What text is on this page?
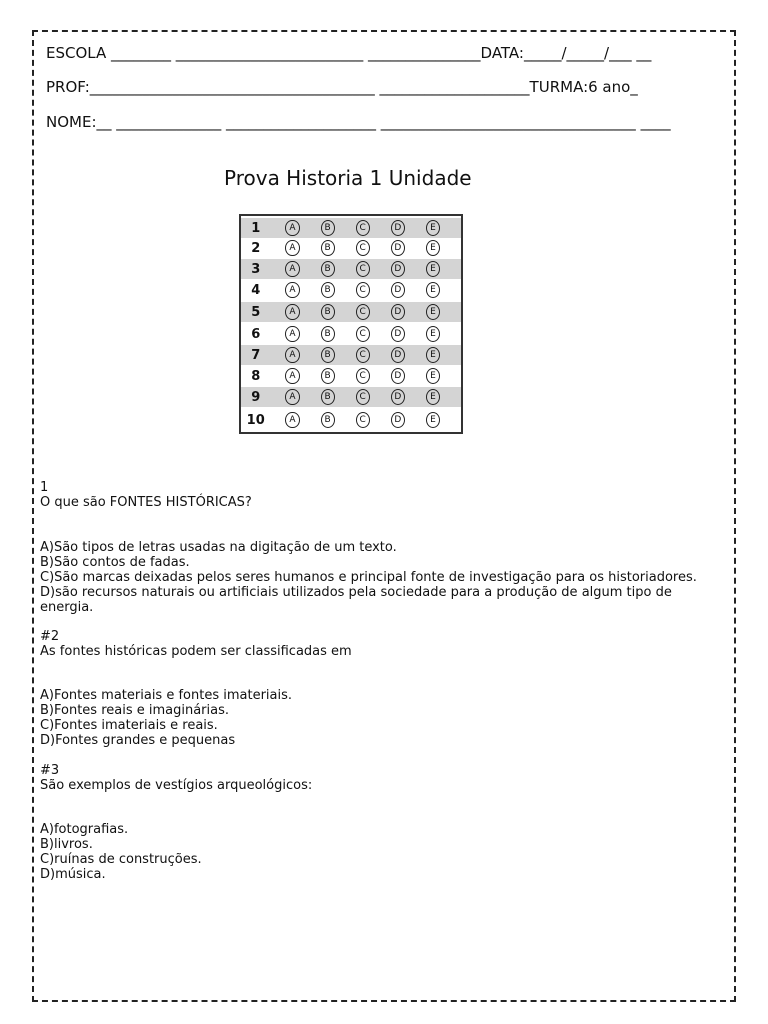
ESCOLA ________ _________________________ _______________DATA:_____/_____/___ __
PROF:______________________________________ ____________________TURMA:6 ano_
NOME:__ ______________ ____________________ __________________________________ ____
Prova Historia 1 Unidade
1	A	B	C	D	E
2	A	B	C	D	E
3	A	B	C	D	E
4	A	B	C	D	E
5	A	B	C	D	E
6	A	B	C	D	E
7	A	B	C	D	E
8	A	B	C	D	E
9	A	B	C	D	E
10	A	B	C	D	E
1
O que são FONTES HISTÓRICAS?
A)São tipos de letras usadas na digitação de um texto.
B)São contos de fadas.
C)São marcas deixadas pelos seres humanos e principal fonte de investigação para os historiadores.
D)são recursos naturais ou artificiais utilizados pela sociedade para a produção de algum tipo de
energia.
#2
As fontes históricas podem ser classificadas em
A)Fontes materiais e fontes imateriais.
B)Fontes reais e imaginárias.
C)Fontes imateriais e reais.
D)Fontes grandes e pequenas
#3
São exemplos de vestígios arqueológicos:
A)fotografias.
B)livros.
C)ruínas de construções.
D)música.
